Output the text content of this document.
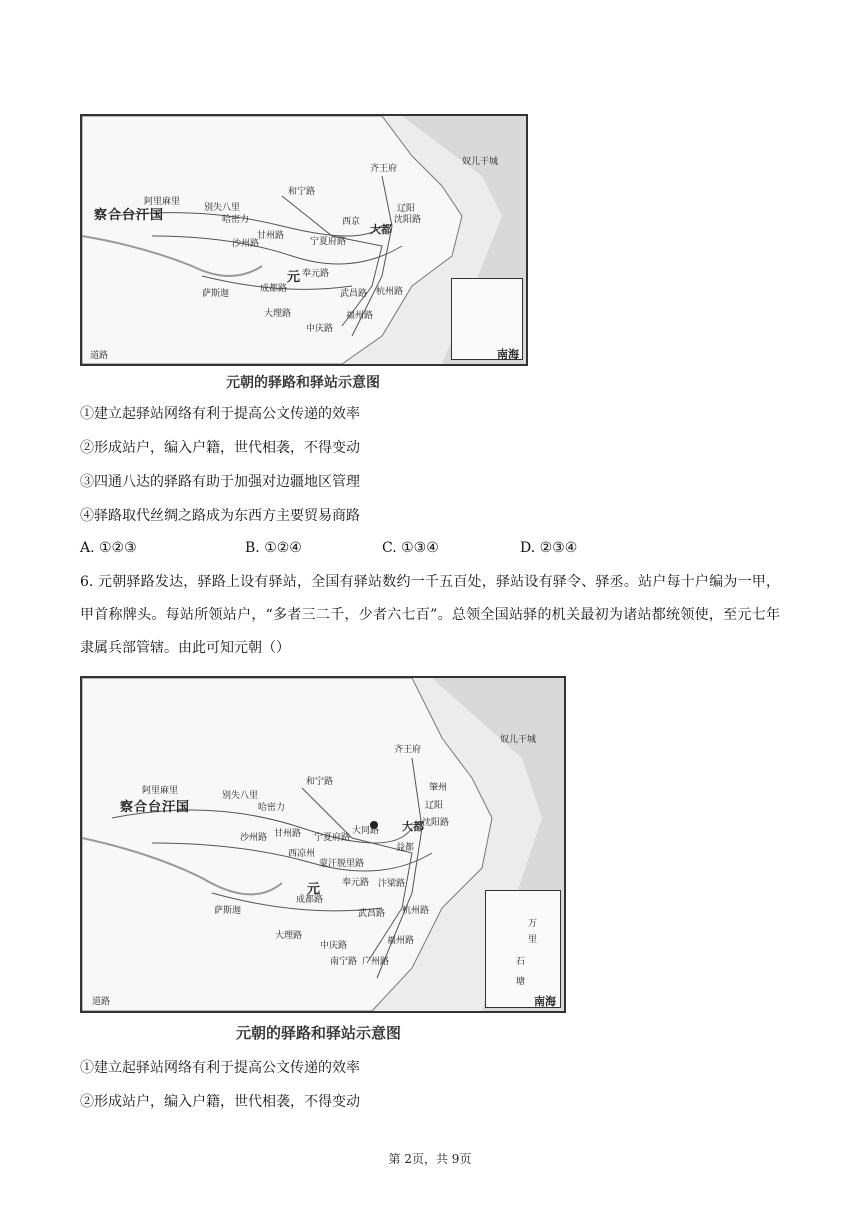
察合台汗国
元
大都
奴儿干城
齐王府
和宁路
阿里麻里
别失八里
哈密力
沙州路
甘州路
宁夏府路
西京
辽阳
沈阳路
奉元路
成都路	武昌路 杭州路
大理路
中庆路
福州路
萨斯迦
道路	南海
元朝的驿路和驿站示意图
①建立起驿站网络有利于提高公文传递的效率
②形成站户，编入户籍，世代相袭，不得变动
③四通八达的驿路有助于加强对边疆地区管理
④驿路取代丝绸之路成为东西方主要贸易商路
A. ①②③	B. ①②④	C. ①③④	D. ②③④
6. 元朝驿路发达，驿路上设有驿站，全国有驿站数约一千五百处，驿站设有驿令、驿丞。站户每十户编为一甲，甲首称牌头。每站所领站户，“多者三二千，少者六七百”。总领全国站驿的机关最初为诸站都统领使，至元七年隶属兵部管辖。由此可知元朝（）
万
里
石
塘
察合台汗国
元
大都
奴儿干城
齐王府
和宁路
阿里麻里	别失八里
哈密力
沙州路 甘州路 宁夏府路
大同路
西凉州
辽阳
沈阳路
肇州
蒙汗脱里路
奉元路
成都路
武昌路 杭州路
大理路
中庆路
广州路
福州路
萨斯迦
益都
汴梁路
南宁路
道路	南海
元朝的驿路和驿站示意图
①建立起驿站网络有利于提高公文传递的效率
②形成站户，编入户籍，世代相袭，不得变动
第 2页，共 9页
